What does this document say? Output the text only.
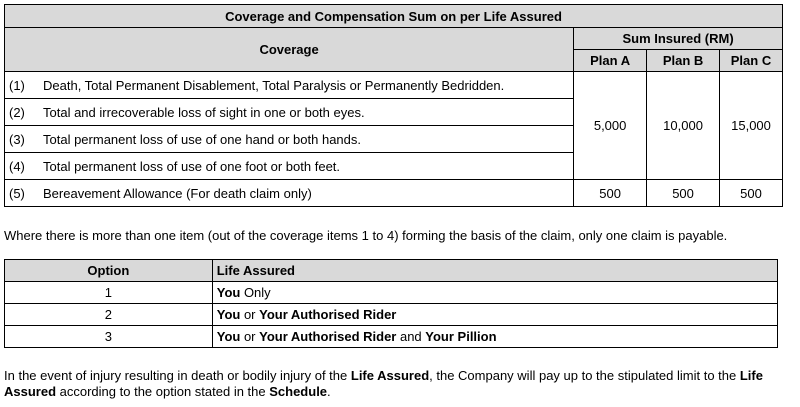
Coverage and Compensation Sum on per Life Assured			
Coverage	Sum Insured (RM)		
	Plan A	Plan B	Plan C
(1) Death, Total Permanent Disablement, Total Paralysis or Permanently Bedridden.	5,000	10,000	15,000
(2) Total and irrecoverable loss of sight in one or both eyes.			
(3) Total permanent loss of use of one hand or both hands.			
(4) Total permanent loss of use of one foot or both feet.			
(5) Bereavement Allowance (For death claim only)	500	500	500
Where there is more than one item (out of the coverage items 1 to 4) forming the basis of the claim, only one claim is payable.
Option	Life Assured
1	You Only
2	You or Your Authorised Rider
3	You or Your Authorised Rider and Your Pillion
In the event of injury resulting in death or bodily injury of the Life Assured, the Company will pay up to the stipulated limit to the Life Assured according to the option stated in the Schedule.
